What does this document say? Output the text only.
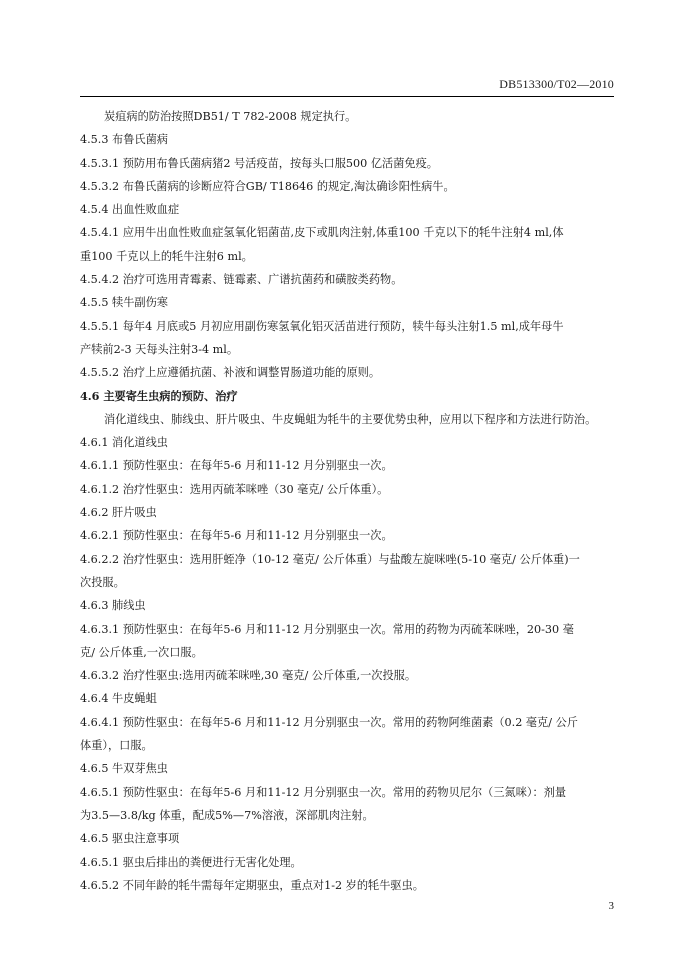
DB513300/T02—2010
炭疽病的防治按照DB51/ T 782-2008 规定执行。
4.5.3 布鲁氏菌病
4.5.3.1 预防用布鲁氏菌病猪2 号活疫苗，按每头口服500 亿活菌免疫。
4.5.3.2 布鲁氏菌病的诊断应符合GB/ T18646 的规定,淘汰确诊阳性病牛。
4.5.4 出血性败血症
4.5.4.1 应用牛出血性败血症氢氧化铝菌苗,皮下或肌肉注射,体重100 千克以下的牦牛注射4 ml,体
重100 千克以上的牦牛注射6 ml。
4.5.4.2 治疗可选用青霉素、链霉素、广谱抗菌药和磺胺类药物。
4.5.5 犊牛副伤寒
4.5.5.1 每年4 月底或5 月初应用副伤寒氢氧化铝灭活苗进行预防，犊牛每头注射1.5 ml,成年母牛
产犊前2-3 天每头注射3-4 ml。
4.5.5.2 治疗上应遵循抗菌、补液和调整胃肠道功能的原则。
4.6 主要寄生虫病的预防、治疗
消化道线虫、肺线虫、肝片吸虫、牛皮蝇蛆为牦牛的主要优势虫种，应用以下程序和方法进行防治。
4.6.1 消化道线虫
4.6.1.1 预防性驱虫：在每年5-6 月和11-12 月分别驱虫一次。
4.6.1.2 治疗性驱虫：选用丙硫苯咪唑（30 毫克/ 公斤体重）。
4.6.2 肝片吸虫
4.6.2.1 预防性驱虫：在每年5-6 月和11-12 月分别驱虫一次。
4.6.2.2 治疗性驱虫：选用肝蛭净（10-12 毫克/ 公斤体重）与盐酸左旋咪唑(5-10 毫克/ 公斤体重)一
次投服。
4.6.3 肺线虫
4.6.3.1 预防性驱虫：在每年5-6 月和11-12 月分别驱虫一次。常用的药物为丙硫苯咪唑，20-30 毫
克/ 公斤体重,一次口服。
4.6.3.2 治疗性驱虫:选用丙硫苯咪唑,30 毫克/ 公斤体重,一次投服。
4.6.4 牛皮蝇蛆
4.6.4.1 预防性驱虫：在每年5-6 月和11-12 月分别驱虫一次。常用的药物阿维菌素（0.2 毫克/ 公斤
体重），口服。
4.6.5 牛双芽焦虫
4.6.5.1 预防性驱虫：在每年5-6 月和11-12 月分别驱虫一次。常用的药物贝尼尔（三氮咪）：剂量
为3.5—3.8/kg 体重，配成5%—7%溶液，深部肌肉注射。
4.6.5 驱虫注意事项
4.6.5.1 驱虫后排出的粪便进行无害化处理。
4.6.5.2 不同年龄的牦牛需每年定期驱虫，重点对1-2 岁的牦牛驱虫。
3
